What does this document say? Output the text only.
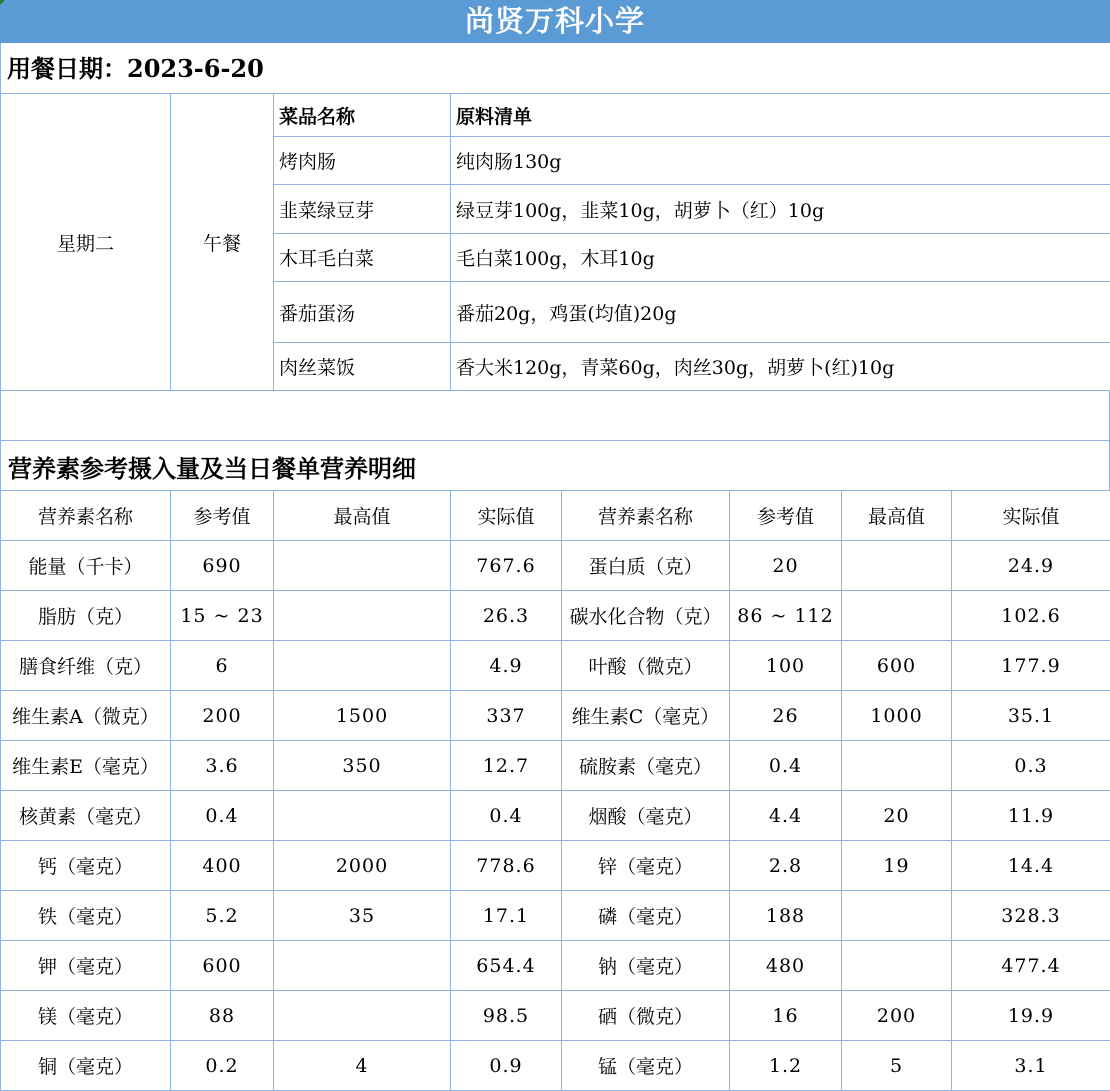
尚贤万科小学
用餐日期：2023-6-20
星期二	午餐	菜品名称	原料清单
		烤肉肠	纯肉肠130g
		韭菜绿豆芽	绿豆芽100g，韭菜10g，胡萝卜（红）10g
		木耳毛白菜	毛白菜100g，木耳10g
		番茄蛋汤	番茄20g，鸡蛋(均值)20g
		肉丝菜饭	香大米120g，青菜60g，肉丝30g，胡萝卜(红)10g
营养素参考摄入量及当日餐单营养明细
营养素名称	参考值	最高值	实际值	营养素名称	参考值	最高值	实际值
能量（千卡）	690		767.6	蛋白质（克）	20		24.9
脂肪（克）	15 ~ 23		26.3	碳水化合物（克）	86 ~ 112		102.6
膳食纤维（克）	6		4.9	叶酸（微克）	100	600	177.9
维生素A（微克）	200	1500	337	维生素C（毫克）	26	1000	35.1
维生素E（毫克）	3.6	350	12.7	硫胺素（毫克）	0.4		0.3
核黄素（毫克）	0.4		0.4	烟酸（毫克）	4.4	20	11.9
钙（毫克）	400	2000	778.6	锌（毫克）	2.8	19	14.4
铁（毫克）	5.2	35	17.1	磷（毫克）	188		328.3
钾（毫克）	600		654.4	钠（毫克）	480		477.4
镁（毫克）	88		98.5	硒（微克）	16	200	19.9
铜（毫克）	0.2	4	0.9	锰（毫克）	1.2	5	3.1
